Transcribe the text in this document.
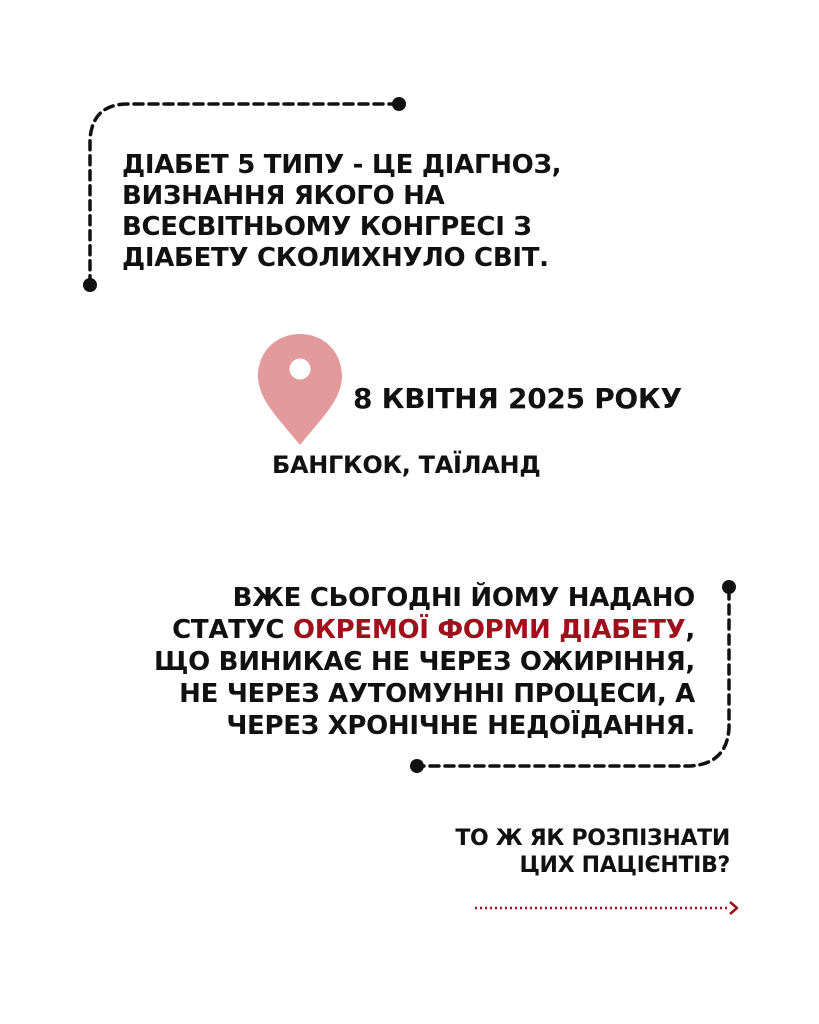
ДІАБЕТ 5 ТИПУ - ЦЕ ДІАГНОЗ,
ВИЗНАННЯ ЯКОГО НА
ВСЕСВІТНЬОМУ КОНГРЕСІ З
ДІАБЕТУ СКОЛИХНУЛО СВІТ.
8 КВІТНЯ 2025 РОКУ
БАНГКОК, ТАЇЛАНД
ВЖЕ СЬОГОДНІ ЙОМУ НАДАНО
СТАТУС ОКРЕМОЇ ФОРМИ ДІАБЕТУ,
ЩО ВИНИКАЄ НЕ ЧЕРЕЗ ОЖИРІННЯ,
НЕ ЧЕРЕЗ АУТОМУННІ ПРОЦЕСИ, А
ЧЕРЕЗ ХРОНІЧНЕ НЕДОЇДАННЯ.
ТО Ж ЯК РОЗПІЗНАТИ
ЦИХ ПАЦІЄНТІВ?
